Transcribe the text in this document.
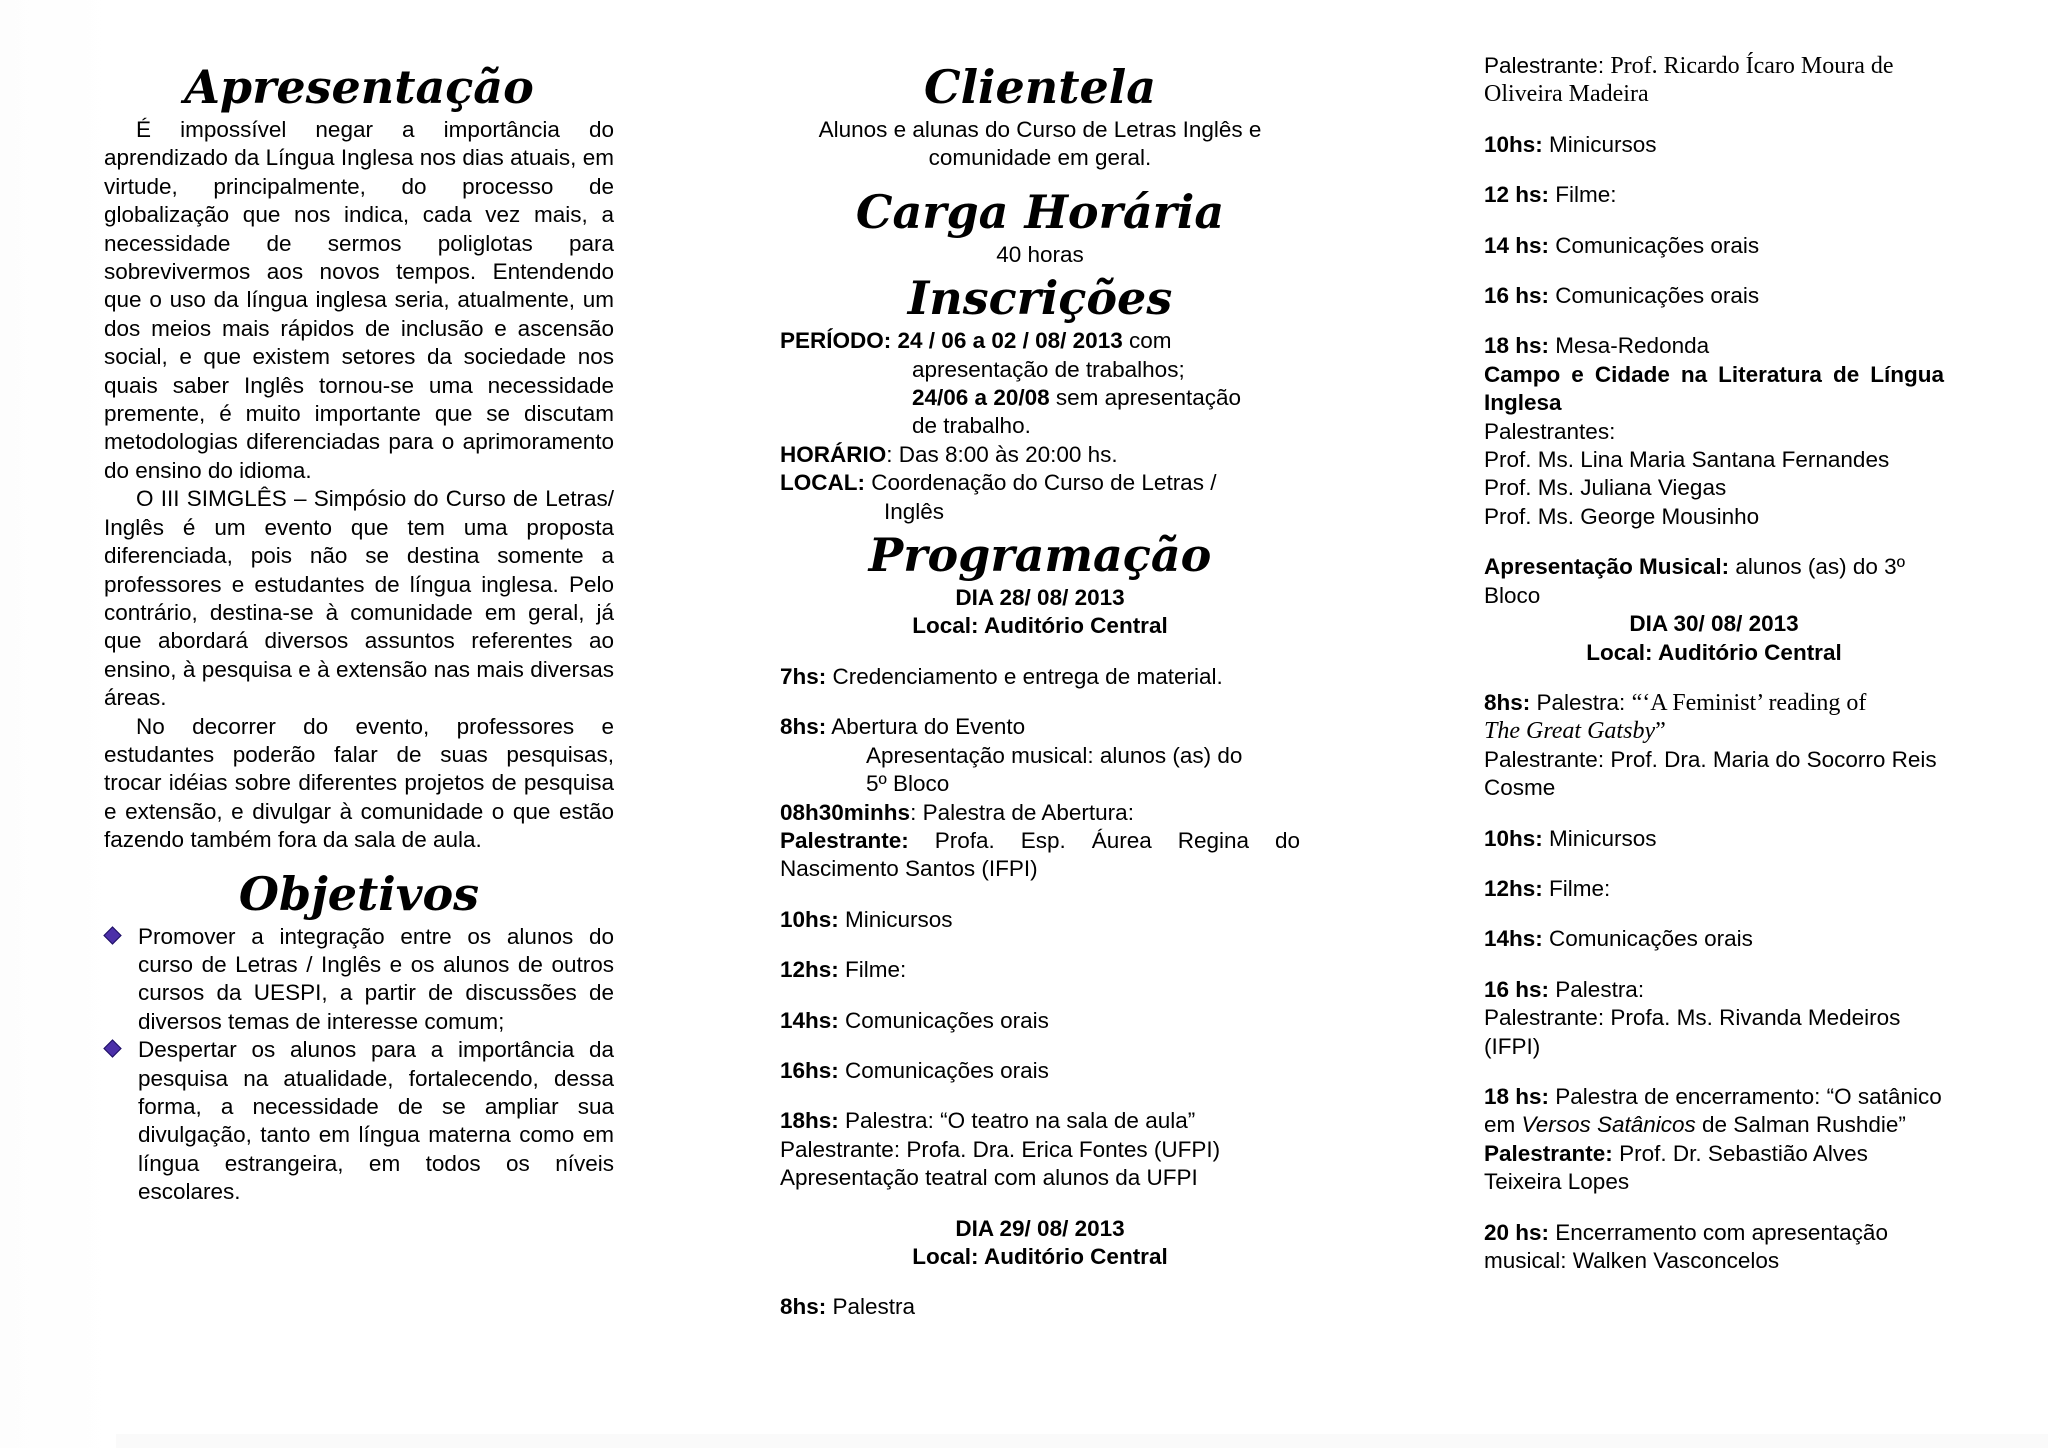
Apresentação

É impossível negar a importância do aprendizado da Língua Inglesa nos dias atuais, em virtude, principalmente, do processo de globalização que nos indica, cada vez mais, a necessidade de sermos poliglotas para sobrevivermos aos novos tempos. Entendendo que o uso da língua inglesa seria, atualmente, um dos meios mais rápidos de inclusão e ascensão social, e que existem setores da sociedade nos quais saber Inglês tornou-se uma necessidade premente, é muito importante que se discutam metodologias diferenciadas para o aprimoramento do ensino do idioma.

O III SIMGLÊS – Simpósio do Curso de Letras/ Inglês é um evento que tem uma proposta diferenciada, pois não se destina somente a professores e estudantes de língua inglesa. Pelo contrário, destina-se à comunidade em geral, já que abordará diversos assuntos referentes ao ensino, à pesquisa e à extensão nas mais diversas áreas.

No decorrer do evento, professores e estudantes poderão falar de suas pesquisas, trocar idéias sobre diferentes projetos de pesquisa e extensão, e divulgar à comunidade o que estão fazendo também fora da sala de aula.

Objetivos
Promover a integração entre os alunos do curso de Letras / Inglês e os alunos de outros cursos da UESPI, a partir de discussões de diversos temas de interesse comum;
Despertar os alunos para a importância da pesquisa na atualidade, fortalecendo, dessa forma, a necessidade de se ampliar sua divulgação, tanto em língua materna como em língua estrangeira, em todos os níveis escolares.
Clientela
Alunos e alunas do Curso de Letras Inglês e comunidade em geral.
Carga Horária
40 horas
Inscrições
PERÍODO: 24 / 06 a 02 / 08/ 2013 com
apresentação de trabalhos;
24/06 a 20/08 sem apresentação
de trabalho.
HORÁRIO: Das 8:00 às 20:00 hs.
LOCAL: Coordenação do Curso de Letras /
Inglês
Programação
DIA 28/ 08/ 2013
Local: Auditório Central
7hs: Credenciamento e entrega de material.
8hs: Abertura do Evento
Apresentação musical: alunos (as) do
5º Bloco
08h30minhs: Palestra de Abertura:
Palestrante: Profa. Esp. Áurea Regina do Nascimento Santos (IFPI)
10hs: Minicursos
12hs: Filme:
14hs: Comunicações orais
16hs: Comunicações orais
18hs: Palestra: “O teatro na sala de aula”
Palestrante: Profa. Dra. Erica Fontes (UFPI)
Apresentação teatral com alunos da UFPI
DIA 29/ 08/ 2013
Local: Auditório Central
8hs: Palestra
Palestrante: Prof. Ricardo Ícaro Moura de
Oliveira Madeira
10hs: Minicursos
12 hs: Filme:
14 hs: Comunicações orais
16 hs: Comunicações orais
18 hs: Mesa-Redonda
Campo e Cidade na Literatura de Língua Inglesa
Palestrantes:
Prof. Ms. Lina Maria Santana Fernandes
Prof. Ms. Juliana Viegas
Prof. Ms. George Mousinho
Apresentação Musical: alunos (as) do 3º Bloco
DIA 30/ 08/ 2013
Local: Auditório Central
8hs: Palestra: “‘A Feminist’ reading of
The Great Gatsby”
Palestrante: Prof. Dra. Maria do Socorro Reis Cosme
10hs: Minicursos
12hs: Filme:
14hs: Comunicações orais
16 hs: Palestra:
Palestrante: Profa. Ms. Rivanda Medeiros (IFPI)
18 hs: Palestra de encerramento: “O satânico em Versos Satânicos de Salman Rushdie”
Palestrante: Prof. Dr. Sebastião Alves Teixeira Lopes
20 hs: Encerramento com apresentação musical: Walken Vasconcelos
